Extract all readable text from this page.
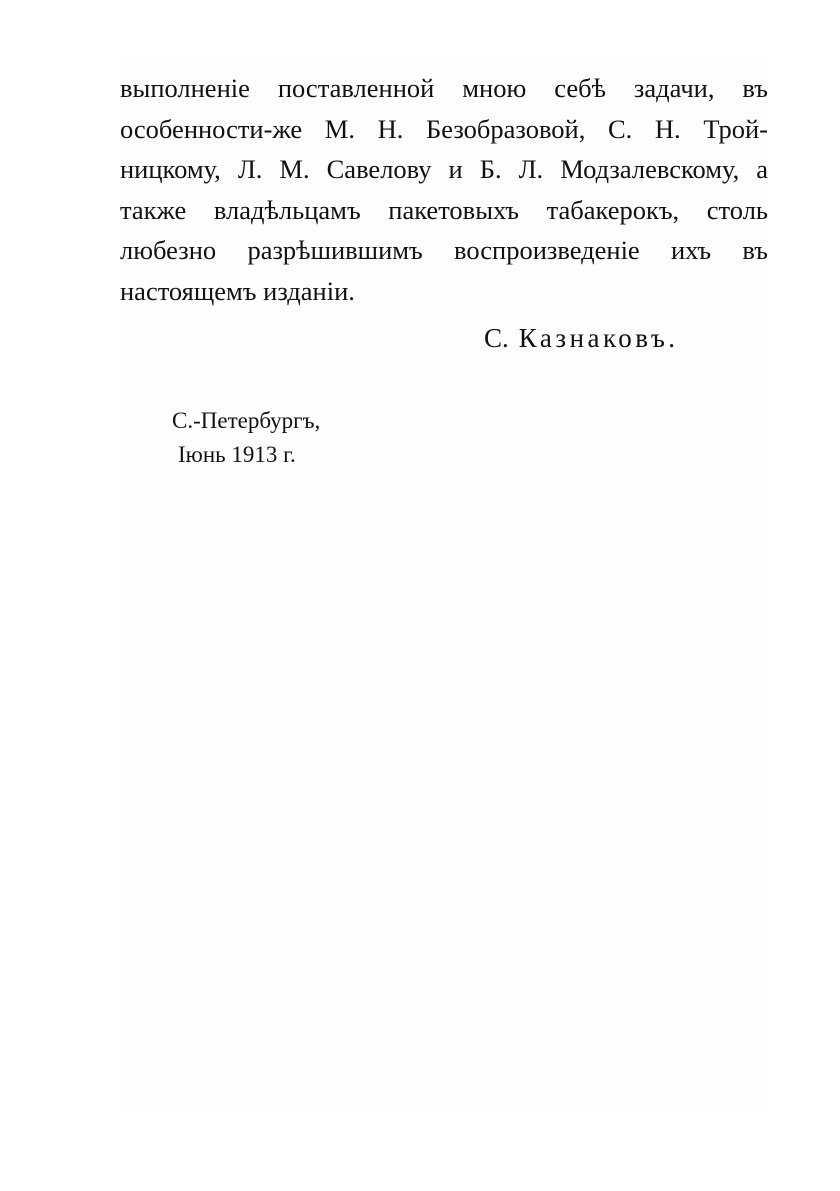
выполненіе поставленной мною себѣ задачи, въ
особенности-же М. Н. Безобразовой, С. Н. Трой-
ницкому, Л. М. Савелову и Б. Л. Модзалевскому, а
также владѣльцамъ пакетовыхъ табакерокъ, столь
любезно разрѣшившимъ воспроизведеніе ихъ въ
настоящемъ изданіи.
С. Казнаковъ.
С.-Петербургъ,
Іюнь 1913 г.
